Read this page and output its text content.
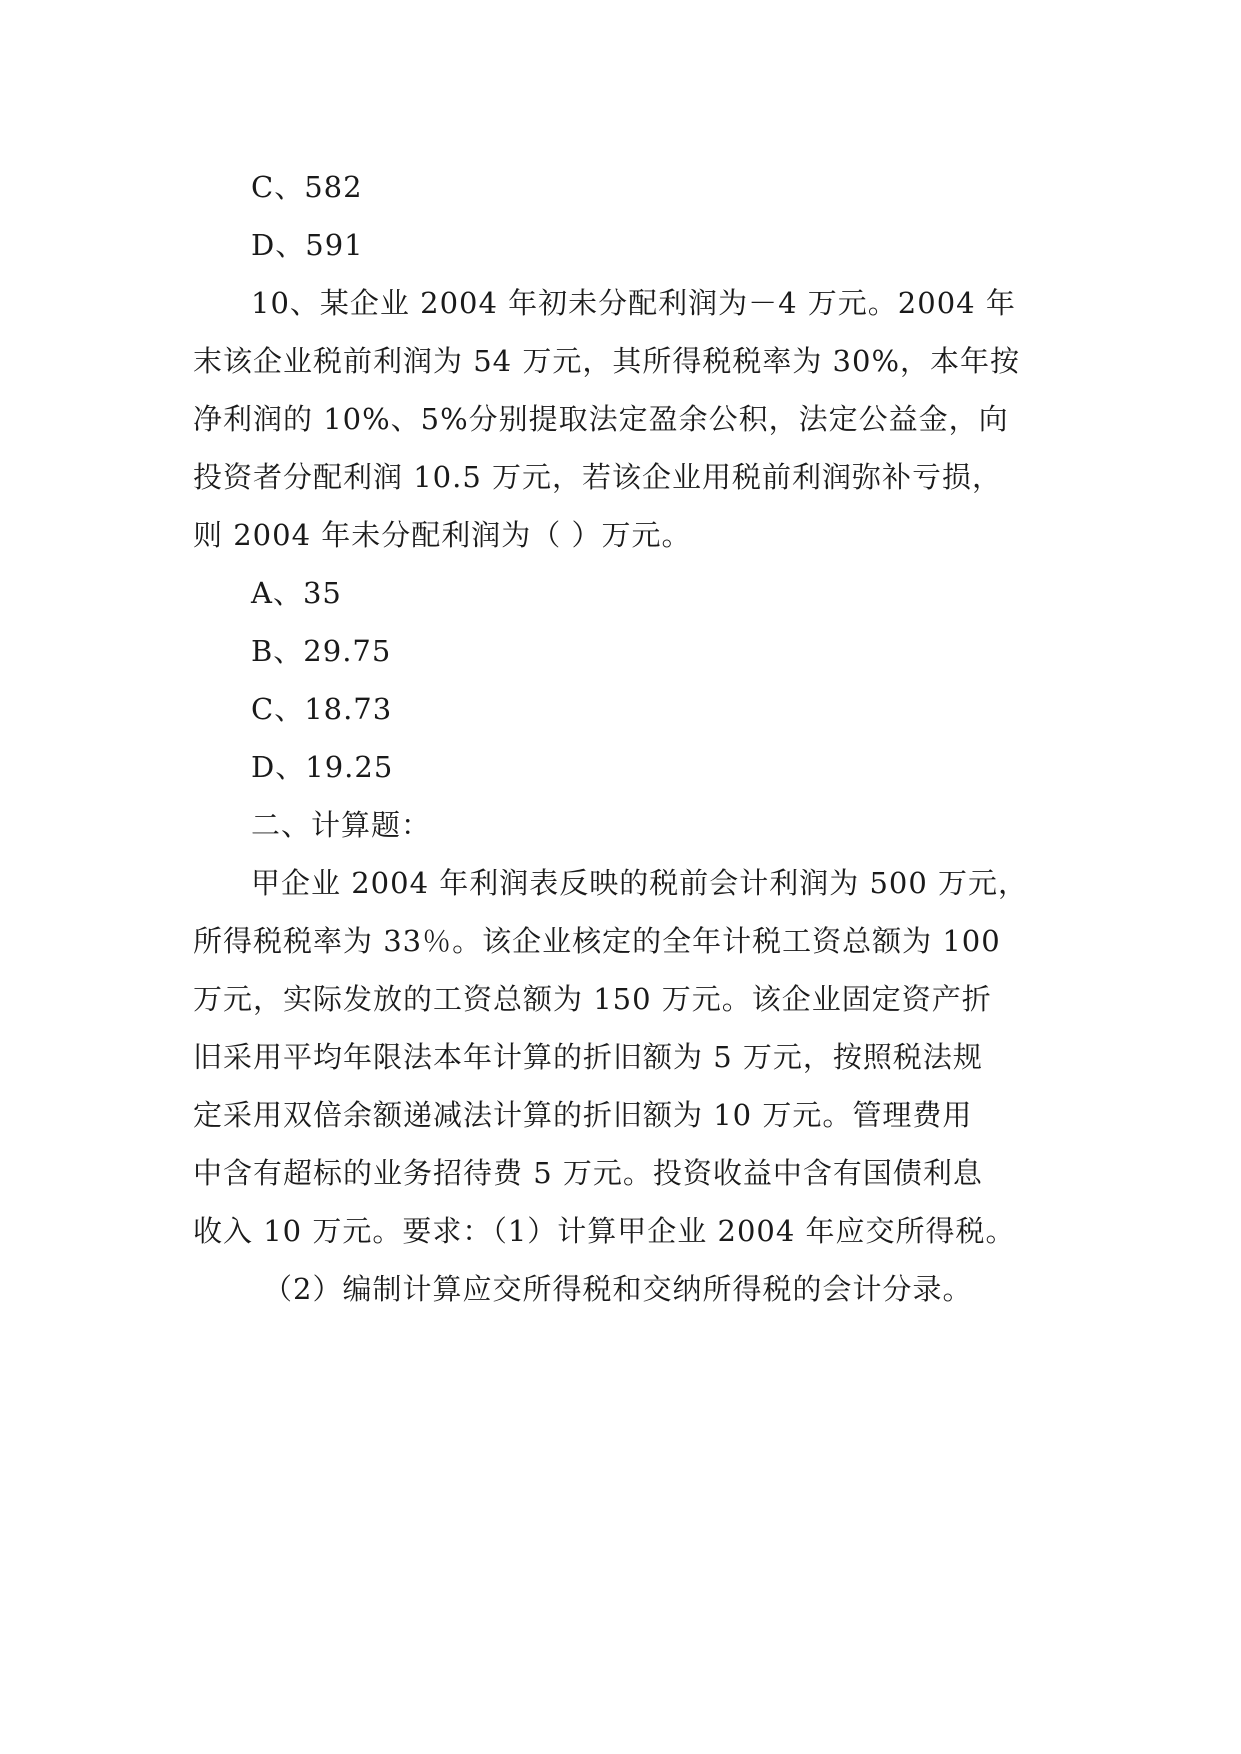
C、582
D、591
10、某企业 2004 年初未分配利润为－4 万元。2004 年
末该企业税前利润为 54 万元，其所得税税率为 30%，本年按
净利润的 10%、5%分别提取法定盈余公积，法定公益金，向
投资者分配利润 10.5 万元，若该企业用税前利润弥补亏损，
则 2004 年未分配利润为（ ）万元。
A、35
B、29.75
C、18.73
D、19.25
二、计算题：
甲企业 2004 年利润表反映的税前会计利润为 500 万元，
所得税税率为 33％。该企业核定的全年计税工资总额为 100
万元，实际发放的工资总额为 150 万元。该企业固定资产折
旧采用平均年限法本年计算的折旧额为 5 万元，按照税法规
定采用双倍余额递减法计算的折旧额为 10 万元。管理费用
中含有超标的业务招待费 5 万元。投资收益中含有国债利息
收入 10 万元。要求：（1）计算甲企业 2004 年应交所得税。
（2）编制计算应交所得税和交纳所得税的会计分录。
